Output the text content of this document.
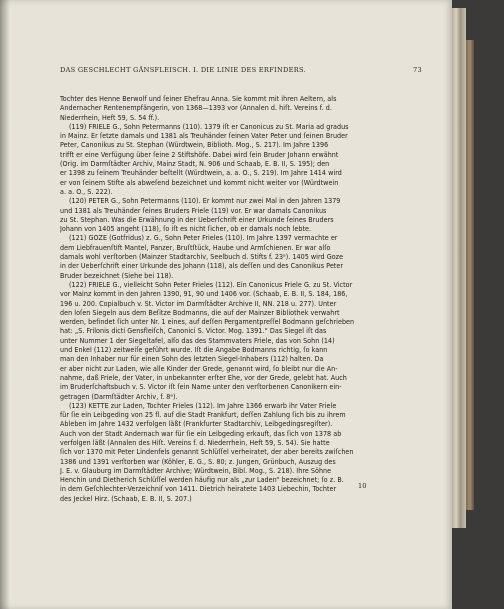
DAS GESCHLECHT GÄNSFLEISCH. I. DIE LINIE DES ERFINDERS.	73
Tochter des Henne Berwolf und ſeiner Ehefrau Anna. Sie kommt mit ihren Aeltern, als
Andernacher Rentenempfängerin, von 1368—1393 vor (Annalen d. hiſt. Vereins f. d.
Niederrhein, Heft 59, S. 54 ff.).
(119) FRIELE G., Sohn Petermanns (110). 1379 iſt er Canonicus zu St. Maria ad gradus
in Mainz. Er ſetzte damals und 1381 als Treuhänder ſeinen Vater Peter und ſeinen Bruder
Peter, Canonikus zu St. Stephan (Würdtwein, Biblioth. Mog., S. 217). Im Jahre 1396
trifft er eine Verfügung über ſeine 2 Stiftshöfe. Dabei wird ſein Bruder Johann erwähnt
(Orig. im Darmſtädter Archiv, Mainz Stadt, N. 906 und Schaab, E. B. II, S. 195); den
er 1398 zu ſeinem Treuhänder beſtellt (Würdtwein, a. a. O., S. 219). Im Jahre 1414 wird
er von ſeinem Stifte als abweſend bezeichnet und kommt nicht weiter vor (Würdtwein
a. a. O., S. 222).
(120) PETER G., Sohn Petermanns (110). Er kommt nur zwei Mal in den Jahren 1379
und 1381 als Treuhänder ſeines Bruders Friele (119) vor. Er war damals Canonikus
zu St. Stephan. Was die Erwähnung in der Ueberſchrift einer Urkunde ſeines Bruders
Johann von 1405 angeht (118), ſo iſt es nicht ſicher, ob er damals noch lebte.
(121) GOZE (Gotfridus) z. G., Sohn Peter Frieles (110). Im Jahre 1397 vermachte er
dem Liebfrauenſtift Mantel, Panzer, Bruſtſtück, Haube und Armſchienen. Er war alſo
damals wohl verſtorben (Mainzer Stadtarchiv, Seelbuch d. Stifts f. 23ᵃ). 1405 wird Goze
in der Ueberſchrift einer Urkunde des Johann (118), als deſſen und des Canonikus Peter
Bruder bezeichnet (Siehe bei 118).
(122) FRIELE G., vielleicht Sohn Peter Frieles (112). Ein Canonicus Friele G. zu St. Victor
vor Mainz kommt in den Jahren 1390, 91, 90 und 1406 vor. (Schaab, E. B. II, S. 184, 186,
196 u. 200. Copialbuch v. St. Victor im Darmſtädter Archive II, NN. 218 u. 277). Unter
den loſen Siegeln aus dem Beſitze Bodmanns, die auf der Mainzer Bibliothek verwahrt
werden, befindet ſich unter Nr. 1 eines, auf deſſen Pergamentpreſſel Bodmann geſchrieben
hat: „S. Frilonis dicti Gensfleiſch, Canonici S. Victor. Mog. 1391.“ Das Siegel iſt das
unter Nummer 1 der Siegeltafel, alſo das des Stammvaters Friele, das von Sohn (14)
und Enkel (112) zeitweiſe geführt wurde. Iſt die Angabe Bodmanns richtig, ſo kann
man den Inhaber nur für einen Sohn des letzten Siegel-Inhabers (112) halten. Da
er aber nicht zur Laden, wie alle Kinder der Grede, genannt wird, ſo bleibt nur die An-
nahme, daß Friele, der Vater, in unbekannter erſter Ehe, vor der Grede, gelebt hat. Auch
im Bruderſchaftsbuch v. S. Victor iſt ſein Name unter den verſtorbenen Canonikern ein-
getragen (Darmſtädter Archiv, f. 8ᵃ).
(123) KETTE zur Laden, Tochter Frieles (112). Im Jahre 1366 erwarb ihr Vater Friele
für ſie ein Leibgeding von 25 fl. auf die Stadt Frankfurt, deſſen Zahlung ſich bis zu ihrem
Ableben im Jahre 1432 verfolgen läßt (Frankfurter Stadtarchiv, Leibgedingsregiſter).
Auch von der Stadt Andernach war für ſie ein Leibgeding erkauft, das ſich von 1378 ab
verfolgen läßt (Annalen des Hiſt. Vereins f. d. Niederrhein, Heft 59, S. 54). Sie hatte
ſich vor 1370 mit Peter Lindenfels genannt Schlüſſel verheiratet, der aber bereits zwiſchen
1386 und 1391 verſtorben war (Köhler, E. G., S. 80; z. Jungen, Grünbuch, Auszug des
J. E. v. Glauburg im Darmſtädter Archive; Würdtwein, Bibl. Mog., S. 218). Ihre Söhne
Henchin und Dietherich Schlüſſel werden häufig nur als „zur Laden“ bezeichnet; ſo z. B.
in dem Geſchlechter-Verzeichniſ von 1411. Dietrich heiratete 1403 Liebechin, Tochter
des Jeckel Hirz. (Schaab, E. B. II, S. 207.)
10
